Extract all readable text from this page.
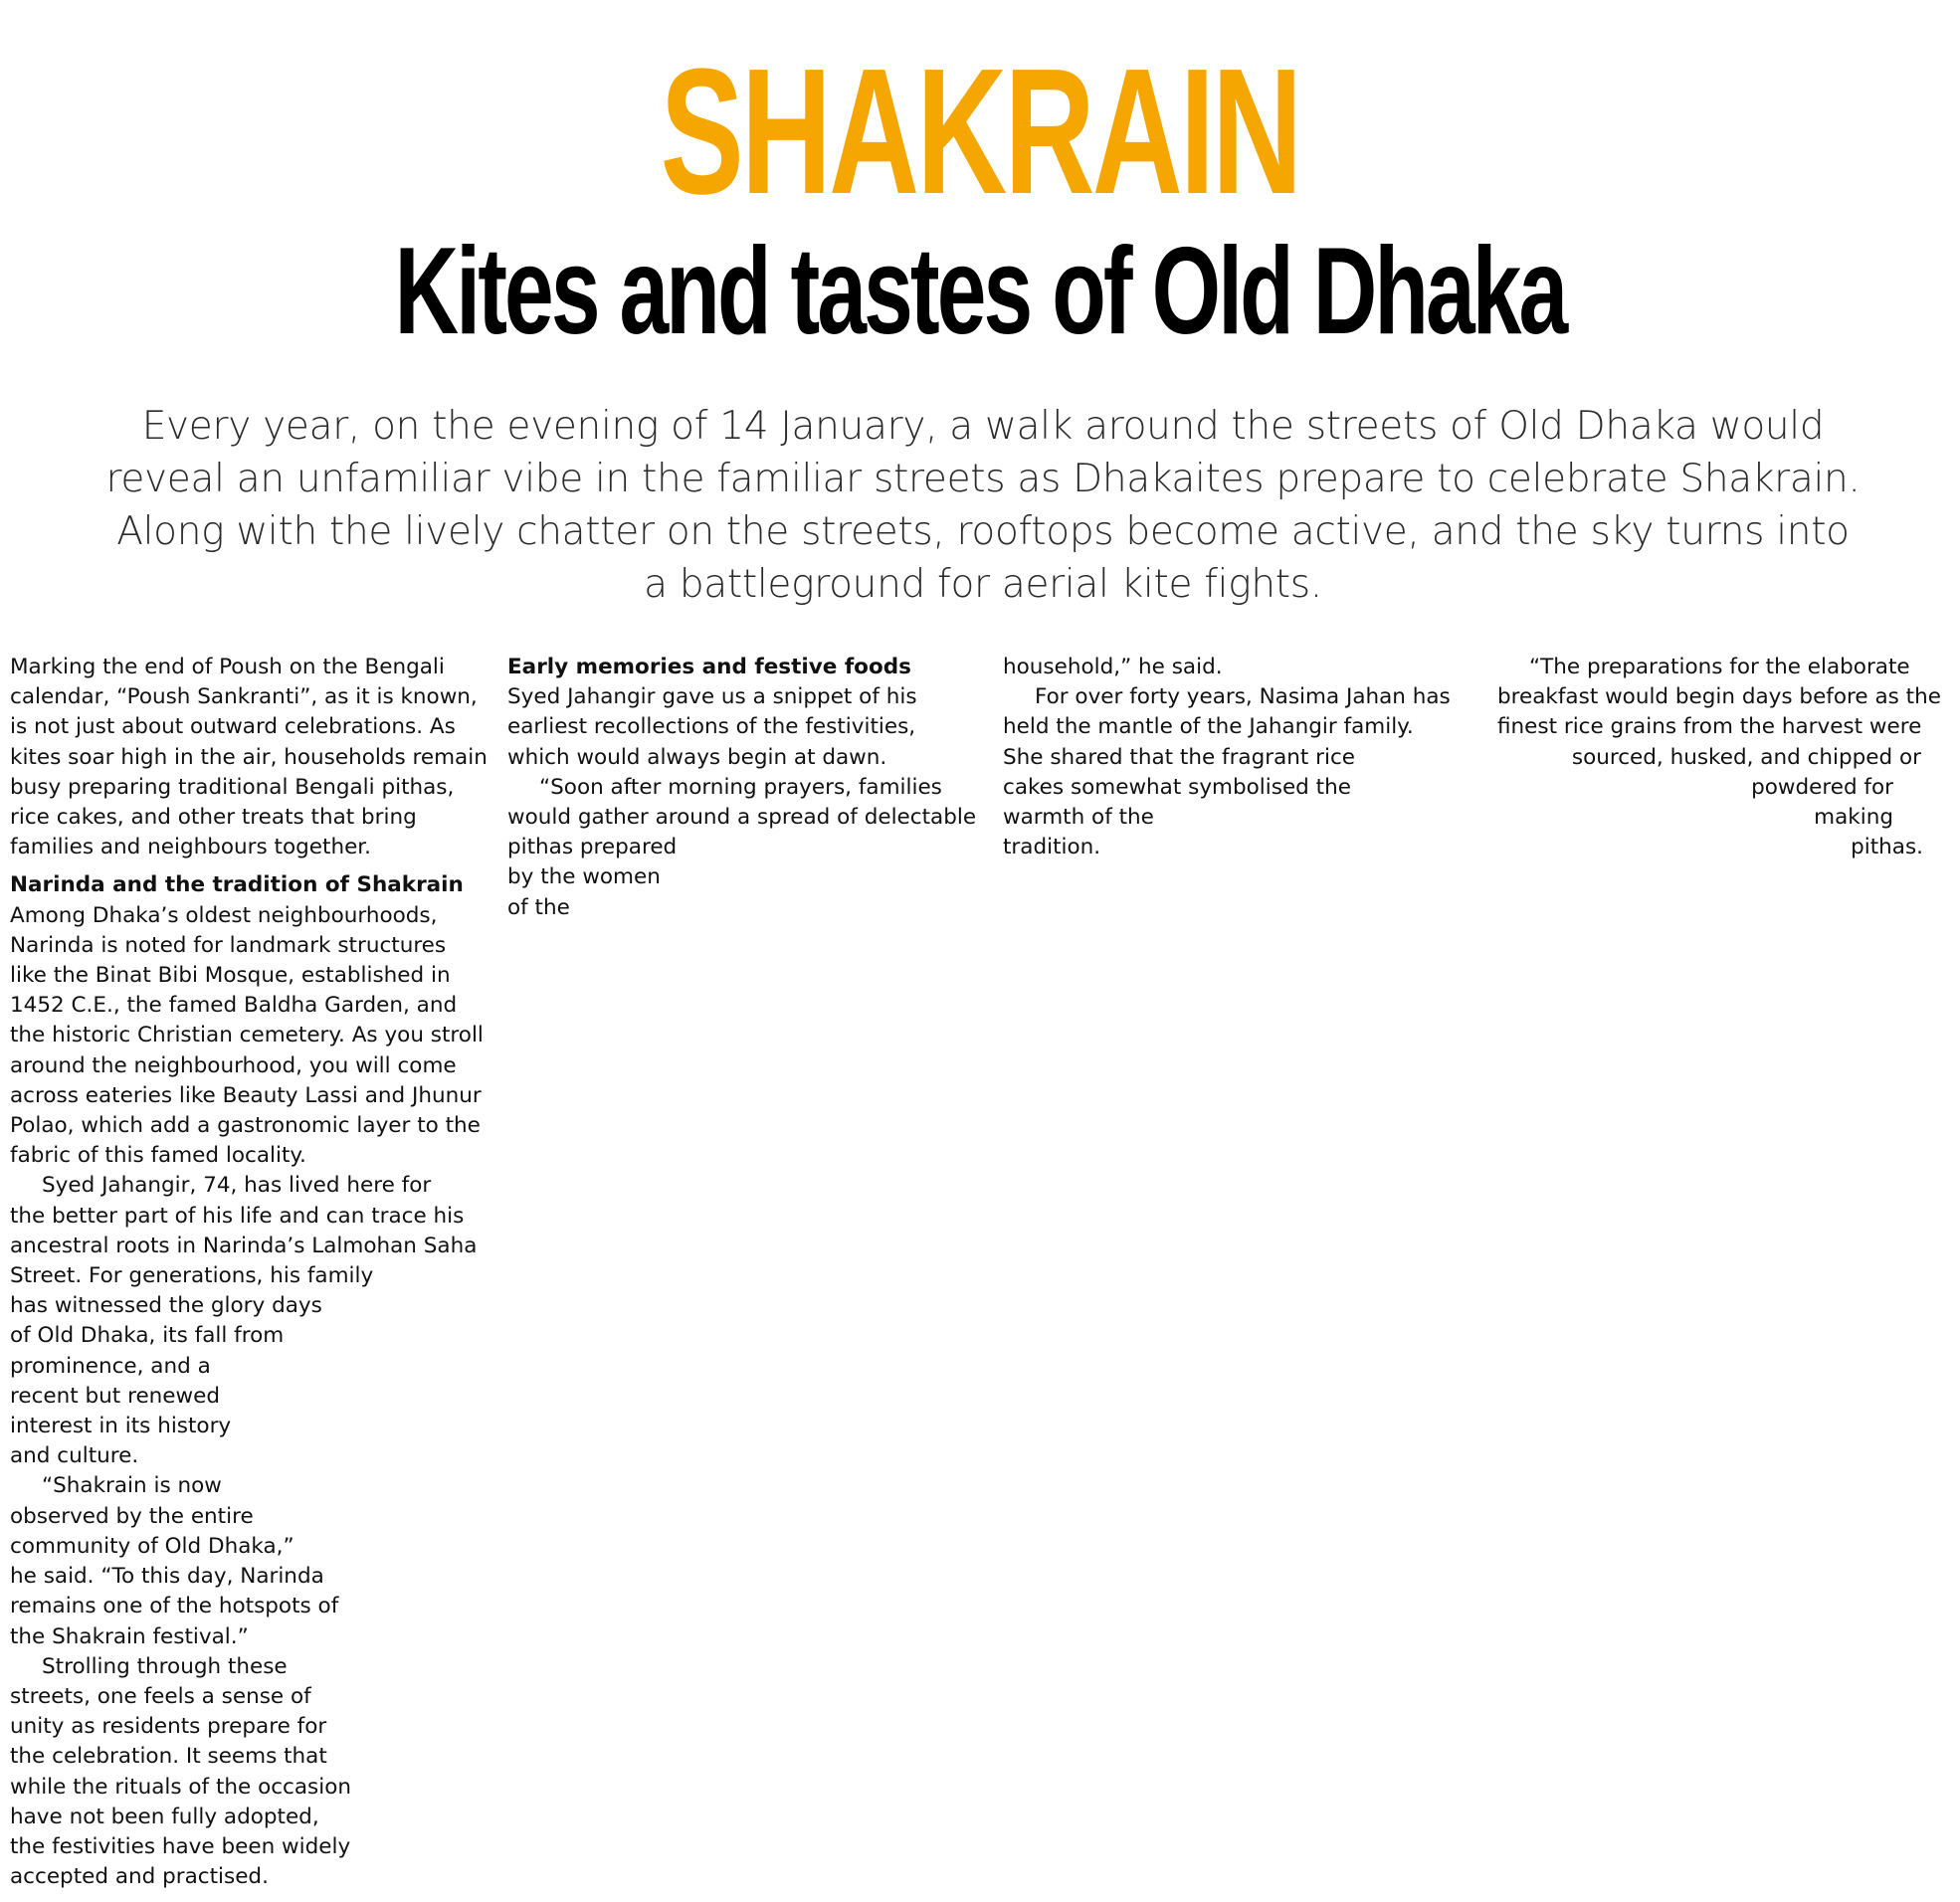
SHAKRAIN
Kites and tastes of Old Dhaka
Every year, on the evening of 14 January, a walk around the streets of Old Dhaka would
reveal an unfamiliar vibe in the familiar streets as Dhakaites prepare to celebrate Shakrain.
Along with the lively chatter on the streets, rooftops become active, and the sky turns into
a battleground for aerial kite fights.
Marking the end of Poush on the Bengali
calendar, “Poush Sankranti”, as it is known,
is not just about outward celebrations. As
kites soar high in the air, households remain
busy preparing traditional Bengali pithas,
rice cakes, and other treats that bring
families and neighbours together.
Narinda and the tradition of Shakrain
Among Dhaka’s oldest neighbourhoods,
Narinda is noted for landmark structures
like the Binat Bibi Mosque, established in
1452 C.E., the famed Baldha Garden, and
the historic Christian cemetery. As you stroll
around the neighbourhood, you will come
across eateries like Beauty Lassi and Jhunur
Polao, which add a gastronomic layer to the
fabric of this famed locality.
Syed Jahangir, 74, has lived here for
the better part of his life and can trace his
ancestral roots in Narinda’s Lalmohan Saha
Street. For generations, his family
has witnessed the glory days
of Old Dhaka, its fall from
prominence, and a
recent but renewed
interest in its history
and culture.
“Shakrain is now
observed by the entire
community of Old Dhaka,”
he said. “To this day, Narinda
remains one of the hotspots of
the Shakrain festival.”
Strolling through these
streets, one feels a sense of
unity as residents prepare for
the celebration. It seems that
while the rituals of the occasion
have not been fully adopted,
the festivities have been widely
accepted and practised.
Early memories and festive foods
Syed Jahangir gave us a snippet of his
earliest recollections of the festivities,
which would always begin at dawn.
“Soon after morning prayers, families
would gather around a spread of delectable
pithas prepared
by the women
of the
household,” he said.
For over forty years, Nasima Jahan has
held the mantle of the Jahangir family.
She shared that the fragrant rice
cakes somewhat symbolised the
warmth of the
tradition.
“The preparations for the elaborate
breakfast would begin days before as the
finest rice grains from the harvest were
sourced, husked, and chipped or
powdered for
making
pithas.
